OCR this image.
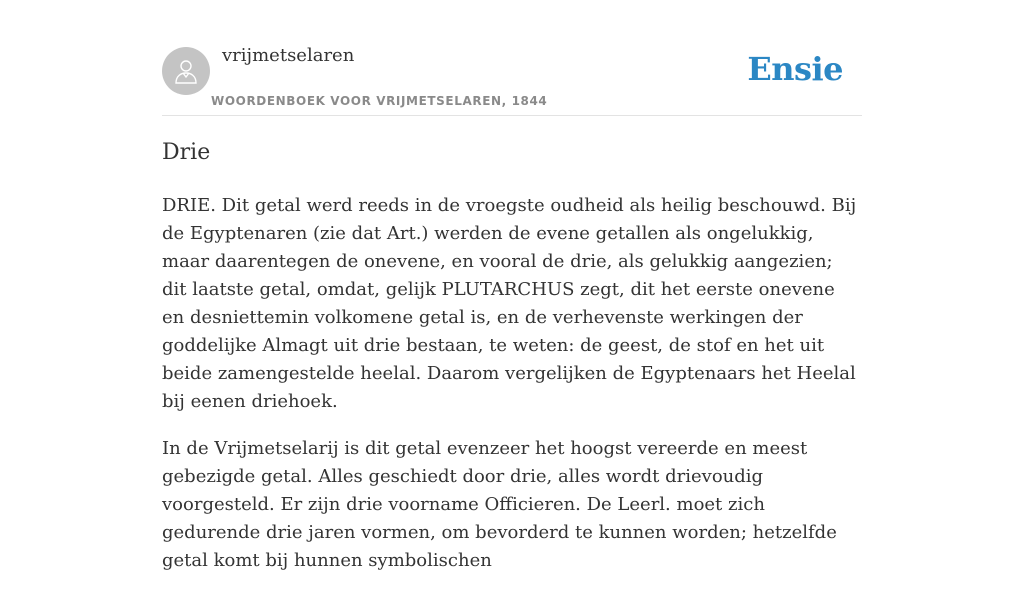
vrijmetselaren
WOORDENBOEK VOOR VRIJMETSELAREN, 1844
Ensie
Drie

DRIE. Dit getal werd reeds in de vroegste oudheid als heilig beschouwd. Bij de Egyptenaren (zie dat Art.) werden de evene getallen als ongelukkig, maar daarentegen de onevene, en vooral de drie, als gelukkig aangezien; dit laatste getal, omdat, gelijk PLUTARCHUS zegt, dit het eerste onevene en desniettemin volkomene getal is, en de verhevenste werkingen der goddelijke Almagt uit drie bestaan, te weten: de geest, de stof en het uit beide zamengestelde heelal. Daarom vergelijken de Egyptenaars het Heelal bij eenen driehoek.

In de Vrijmetselarij is dit getal evenzeer het hoogst vereerde en meest gebezigde getal. Alles geschiedt door drie, alles wordt drievoudig voorgesteld. Er zijn drie voorname Officieren. De Leerl. moet zich gedurende drie jaren vormen, om bevorderd te kunnen worden; hetzelfde getal komt bij hunnen symbolischen
